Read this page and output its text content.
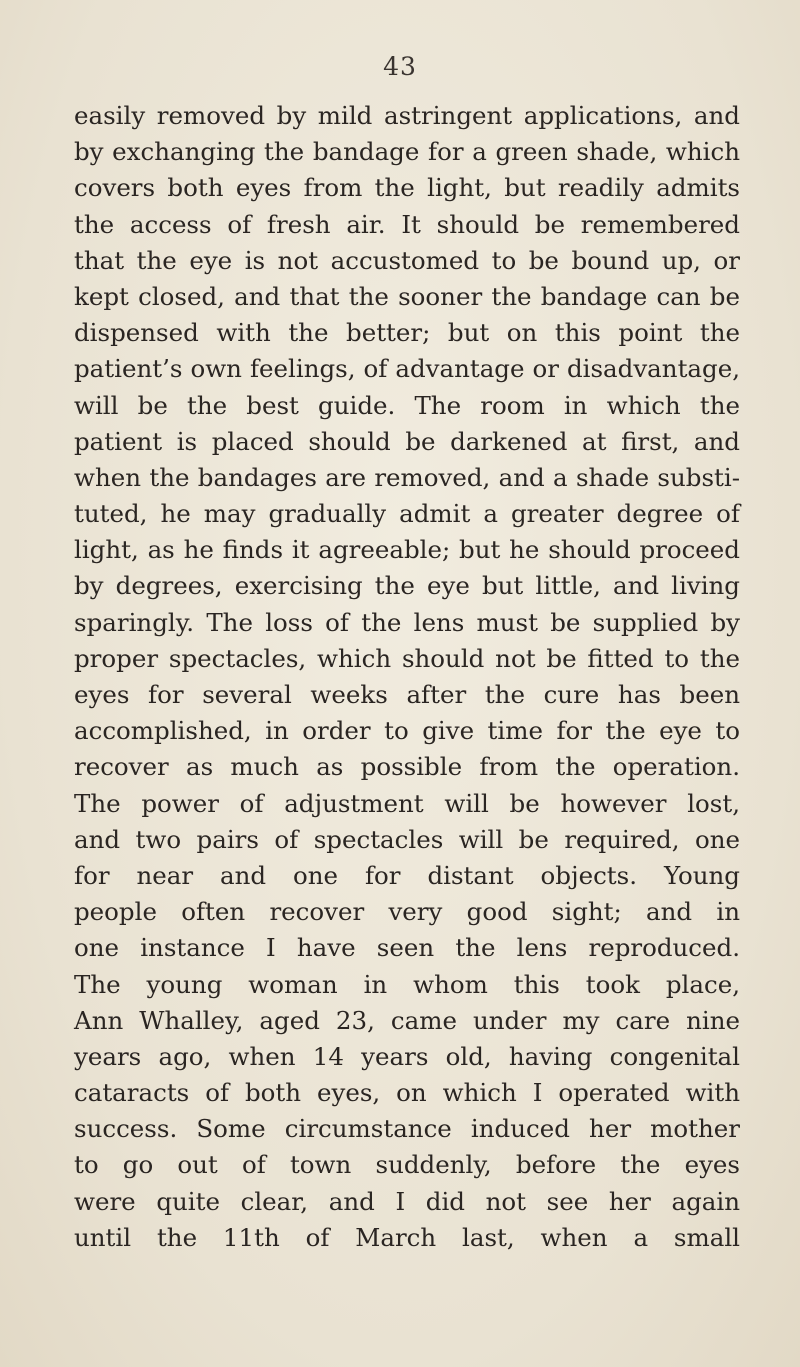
43
easily removed by mild astringent applications, and
by exchanging the bandage for a green shade, which
covers both eyes from the light, but readily admits
the access of fresh air. It should be remembered
that the eye is not accustomed to be bound up, or
kept closed, and that the sooner the bandage can be
dispensed with the better; but on this point the
patient’s own feelings, of advantage or disadvantage,
will be the best guide. The room in which the
patient is placed should be darkened at first, and
when the bandages are removed, and a shade substi-
tuted, he may gradually admit a greater degree of
light, as he finds it agreeable; but he should proceed
by degrees, exercising the eye but little, and living
sparingly. The loss of the lens must be supplied by
proper spectacles, which should not be fitted to the
eyes for several weeks after the cure has been
accomplished, in order to give time for the eye to
recover as much as possible from the operation.
The power of adjustment will be however lost,
and two pairs of spectacles will be required, one
for near and one for distant objects. Young
people often recover very good sight; and in
one instance I have seen the lens reproduced.
The young woman in whom this took place,
Ann Whalley, aged 23, came under my care nine
years ago, when 14 years old, having congenital
cataracts of both eyes, on which I operated with
success. Some circumstance induced her mother
to go out of town suddenly, before the eyes
were quite clear, and I did not see her again
until the 11th of March last, when a small
